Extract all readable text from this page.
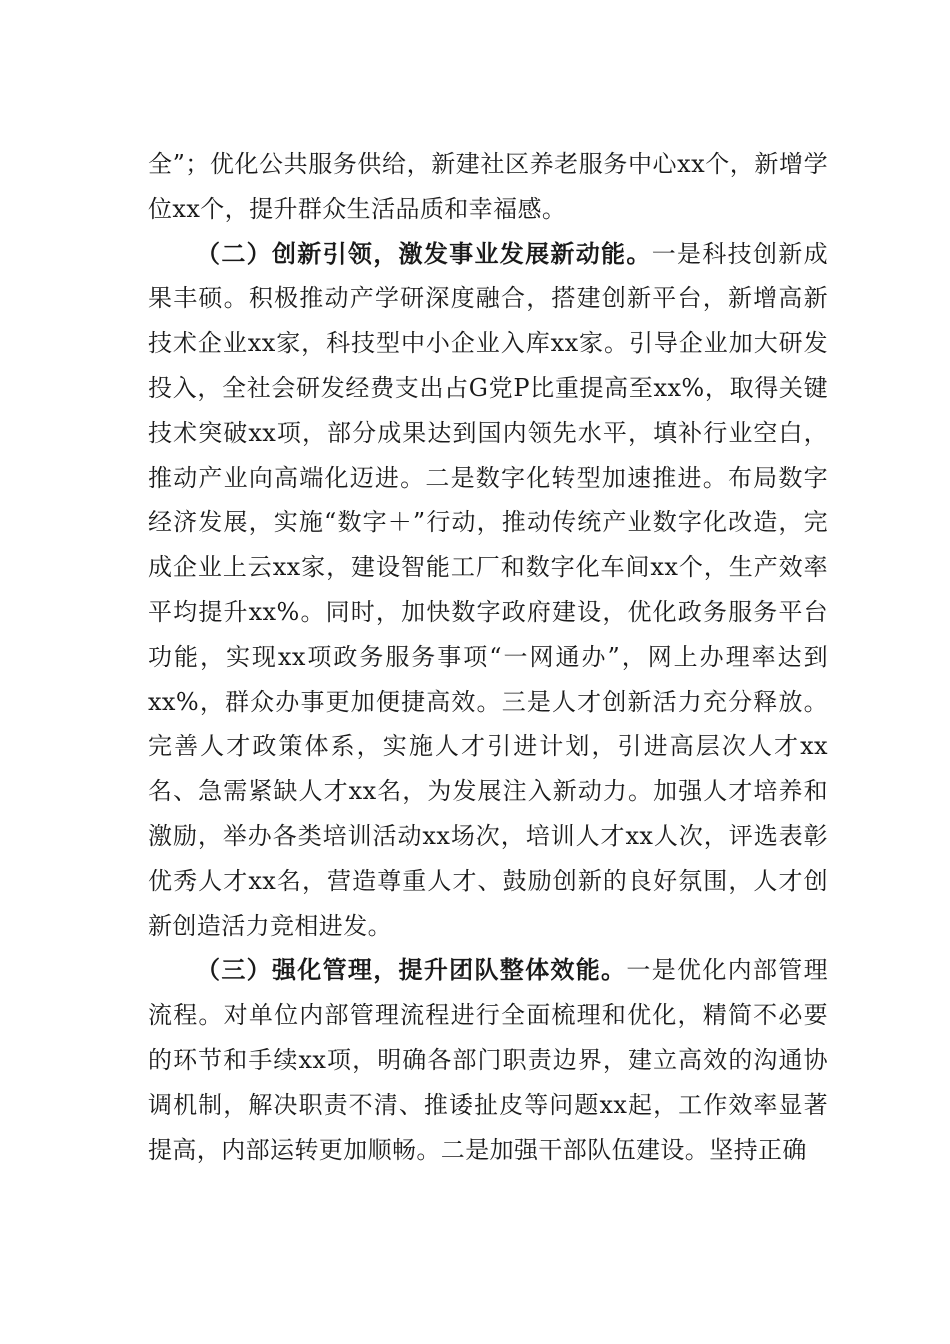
全”；优化公共服务供给，新建社区养老服务中心xx个，新增学位xx个，提升群众生活品质和幸福感。

（二）创新引领，激发事业发展新动能。一是科技创新成果丰硕。积极推动产学研深度融合，搭建创新平台，新增高新技术企业xx家，科技型中小企业入库xx家。引导企业加大研发投入，全社会研发经费支出占G党P比重提高至xx%，取得关键技术突破xx项，部分成果达到国内领先水平，填补行业空白，推动产业向高端化迈进。二是数字化转型加速推进。布局数字经济发展，实施“数字＋”行动，推动传统产业数字化改造，完成企业上云xx家，建设智能工厂和数字化车间xx个，生产效率平均提升xx%。同时，加快数字政府建设，优化政务服务平台功能，实现xx项政务服务事项“一网通办”，网上办理率达到xx%，群众办事更加便捷高效。三是人才创新活力充分释放。完善人才政策体系，实施人才引进计划，引进高层次人才xx名、急需紧缺人才xx名，为发展注入新动力。加强人才培养和激励，举办各类培训活动xx场次，培训人才xx人次，评选表彰优秀人才xx名，营造尊重人才、鼓励创新的良好氛围，人才创新创造活力竞相进发。

（三）强化管理，提升团队整体效能。一是优化内部管理流程。对单位内部管理流程进行全面梳理和优化，精简不必要的环节和手续xx项，明确各部门职责边界，建立高效的沟通协调机制，解决职责不清、推诿扯皮等问题xx起，工作效率显著提高，内部运转更加顺畅。二是加强干部队伍建设。坚持正确
